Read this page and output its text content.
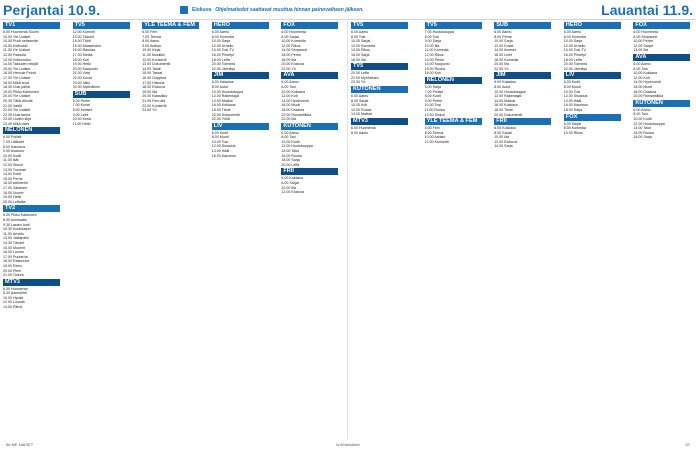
Perjantai 10.9.	Elokuva Ohjelmatiedot saattavat muuttua hinnan painovaiheen jälkeen.	Lauantai 11.9.
TV1
6.00 Huomenta Suomi
10.00 Yle Uutiset
10.05 Puoli seitsemän
10.50 Kotikokki
11.30 Yle Uutiset
12.00 Paavola
13.00 Kotiseudun
14.00 Talouden tekijät
15.00 Yle Uutiset
16.00 Hercule Poirot
17.00 Yle Uutiset
18.00 Mikä kuva
18.30 Uusi päivä
19.00 Pikku Kakkonen
20.00 Yle Uutiset
20.30 Tällä viikolla
21.00 Vaalit
22.00 Yle Uutiset
22.30 Uusi tarina
23.00 Uuden kirja
23.40 Mikä mies
NELONEN
6.00 Poliisit
7.00 Lääkärit
8.00 Kauneus
9.00 Avaruus
10.00 Kodit
11.00 Isät
12.00 Sinkut
13.00 Tuomari
14.00 Kokit
15.00 Perhe
16.00 Arkkitehti
17.00 Salainen
18.00 Vuoret
19.00 Hetki
20.00 Leffailta
TV2
6.00 Pikku Kakkonen
8.00 Animaatio
9.30 Lasten tunti
10.30 Koululaiset
11.30 Urheilu
13.00 Jalkapallo
14.30 Tähdet
15.00 Muumit
16.00 Luonto
17.00 Puutarha
18.00 Rakennus
19.00 Retro
20.00 Pieni
21.00 Tuleva
MTV3
6.00 Huomenta
8.30 Aamulehti
10.00 Hyvää
12.00 Lounas
14.00 Päivä
TV5
12.00 Kummit
13.00 Tilastot
14.00 Tähti
15.00 Maaseudun
16.00 Rauhaa
17.00 Metsä
18.00 Koti
19.00 Hetki
20.00 Kaupunki
21.00 Virta
22.00 Kuvat
23.00 Jälki
00.30 Myöhäinen
SUB
6.00 Perhe
7.00 Kuvat
8.00 Ihmiset
9.00 Leirit
10.00 Kesä
11.00 Hetki
YLE TEEMA & FEM
6.00 Fem
7.00 Teema
8.00 Aamu
9.00 Arkisto
10.00 Kirjat
11.00 Musiikki
12.00 Konsertti
13.00 Dokumentti
14.00 Taide
15.00 Tanssi
16.00 Ooppera
17.00 Historia
18.00 Elokuva
19.00 Ilta
20.00 Klassikko
21.00 Fem-ilta
22.00 Konsertti
23.00 Yö
HERO
6.00 Aamu
8.00 Komedia
10.00 Sarja
12.00 Urheilu
14.00 Tosi-TV
16.00 Piirretyt
18.00 Leffa
20.00 Toiminta
22.00 Jännitys
JIM
6.00 Kalastus
8.00 Autot
10.00 Huutokauppa
12.00 Rakentajat
14.00 Matkat
16.00 Kokkaus
18.00 Tiede
20.00 Dokumentti
22.00 Yöllä
LIV
6.00 Kodit
8.00 Muoti
10.00 Tosi
12.00 Sisustus
14.00 Häät
16.00 Kauneus
FOX
6.00 Huomenta
8.00 Sarjat
10.00 Komedia
12.00 Rikos
14.00 Simpsonit
16.00 Perhe
18.00 Ilta
20.00 Elokuva
22.00 Yö
AVA
6.00 Aamu
8.00 Tosi
10.00 Kokkaus
12.00 Koti
14.00 Hyvinvointi
16.00 Muoti
18.00 Draama
20.00 Romantiikka
22.00 Ilta
KUTONEN
6.00 Aamu
8.00 Tosi
10.00 Kodit
12.00 Huutokauppa
14.00 Talot
16.00 Ruoka
18.00 Sarja
20.00 Leffa
FRII
6.00 Kokkaus
8.00 Sarjat
10.00 Ilta
12.00 Elokuva
TV5
6.00 Aamu
8.00 Tosi
10.00 Sarjat
12.00 Komedia
14.00 Rikos
16.00 Sarja
18.00 Ilta
TV5
20.00 Leffa
22.00 Myöhäinen
23.30 Yö
KUTONEN
6.00 Aamu
8.00 Sarjat
10.00 Koti
12.00 Ruoka
14.00 Matkat
MTV3
6.00 Huomenta
8.00 Aamu
TV5
7.00 Huutokauppa
8.00 Tosi
9.00 Sarja
10.00 Ilta
11.00 Komedia
12.00 Rikos
13.00 Perhe
14.00 Kaupunki
15.00 Ruoka
16.00 Koti
NELONEN
6.00 Sarja
7.00 Poliisit
8.00 Kodit
9.00 Perhe
10.00 Tosi
11.00 Ruoka
12.00 Sinkut
YLE TEEMA & FEM
6.00 Fem
8.00 Teema
10.00 Arkisto
12.00 Konsertti
SUB
6.00 Aamu
8.00 Perhe
10.00 Sarja
12.00 Kuvat
14.00 Ihmiset
16.00 Leirit
18.00 Komedia
20.00 Ilta
22.00 Yö
JIM
6.00 Kalastus
8.00 Autot
10.00 Huutokauppa
12.00 Rakentajat
14.00 Matkat
16.00 Kokkaus
18.00 Tiede
20.00 Dokumentti
FRII
6.00 Kokkaus
8.00 Sarjat
10.00 Ilta
12.00 Elokuva
14.00 Sarja
HERO
6.00 Aamu
8.00 Komedia
10.00 Sarja
12.00 Urheilu
14.00 Tosi-TV
16.00 Piirretyt
18.00 Leffa
20.00 Toiminta
22.00 Jännitys
LIV
6.00 Kodit
8.00 Muoti
10.00 Tosi
12.00 Sisustus
14.00 Häät
16.00 Kauneus
18.00 Sarja
FOX
6.00 Sarjat
8.00 Komedia
10.00 Rikos
FOX
6.00 Huomenta
8.00 Simpsonit
10.00 Perhe
12.00 Sarjat
14.00 Ilta
AVA
6.00 Aamu
8.00 Tosi
10.00 Kokkaus
12.00 Koti
14.00 Hyvinvointi
16.00 Muoti
18.00 Draama
20.00 Romantiikka
KUTONEN
6.00 Aamu
8.00 Tosi
10.00 Kodit
12.00 Huutokauppa
14.00 Talot
16.00 Ruoka
18.00 Sarja
56 ME NAISET	is.fi/menaiset	57
